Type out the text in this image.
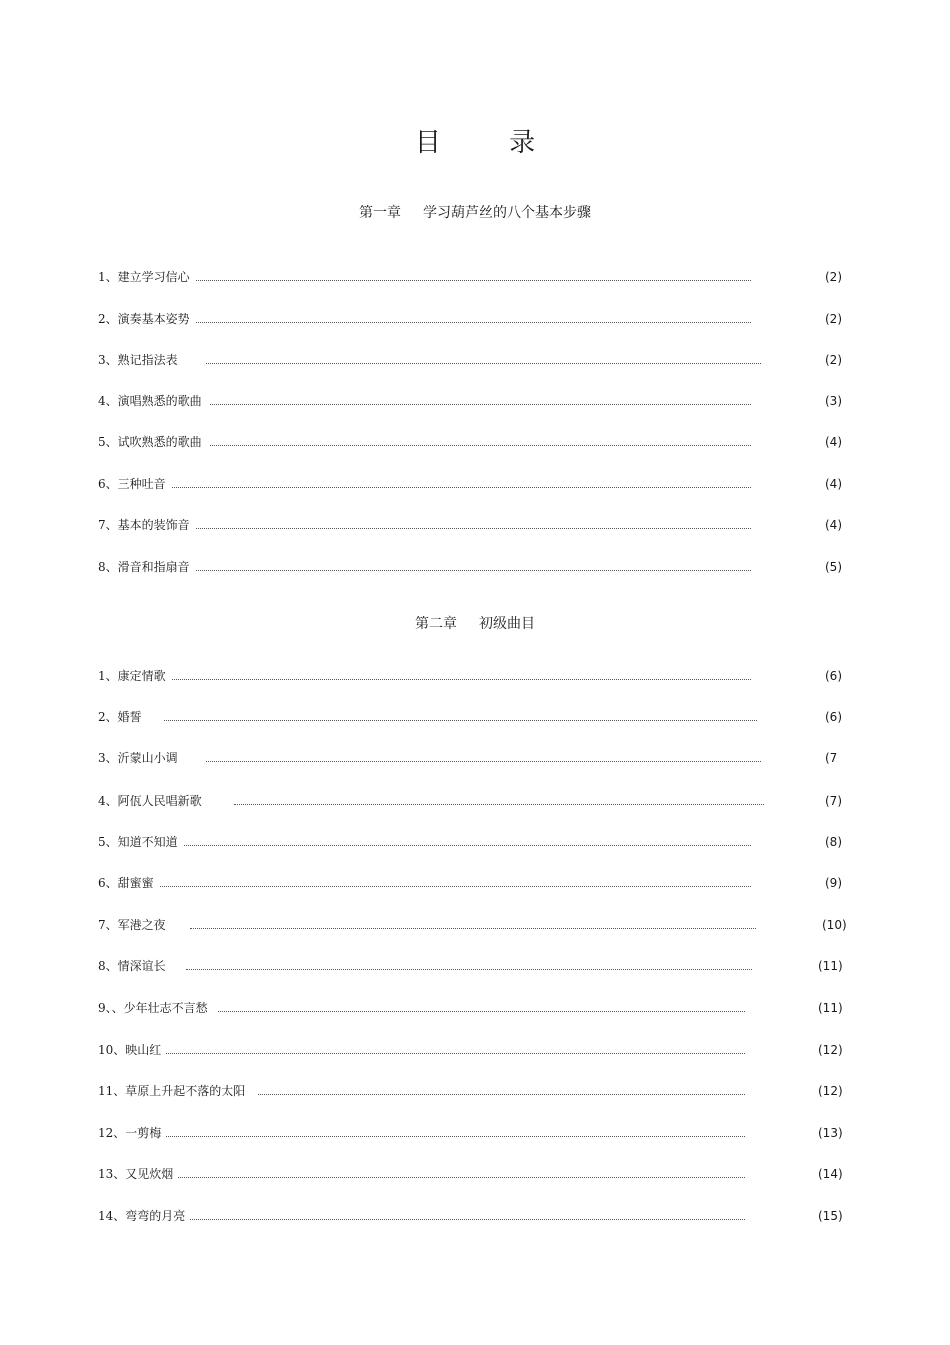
目 录
第一章 学习葫芦丝的八个基本步骤
第二章 初级曲目
1、建立学习信心	(2)
2、演奏基本姿势	(2)
3、熟记指法表	(2)
4、演唱熟悉的歌曲	(3)
5、试吹熟悉的歌曲	(4)
6、三种吐音	(4)
7、基本的装饰音	(4)
8、滑音和指扇音	(5)
1、康定情歌	(6)
2、婚誓	(6)
3、沂蒙山小调	(7
4、阿佤人民唱新歌	(7)
5、知道不知道	(8)
6、甜蜜蜜	(9)
7、军港之夜	(10)
8、情深谊长	(11)
9、、少年壮志不言愁	(11)
10、映山红	(12)
11、草原上升起不落的太阳	(12)
12、一剪梅	(13)
13、又见炊烟	(14)
14、弯弯的月亮	(15)
